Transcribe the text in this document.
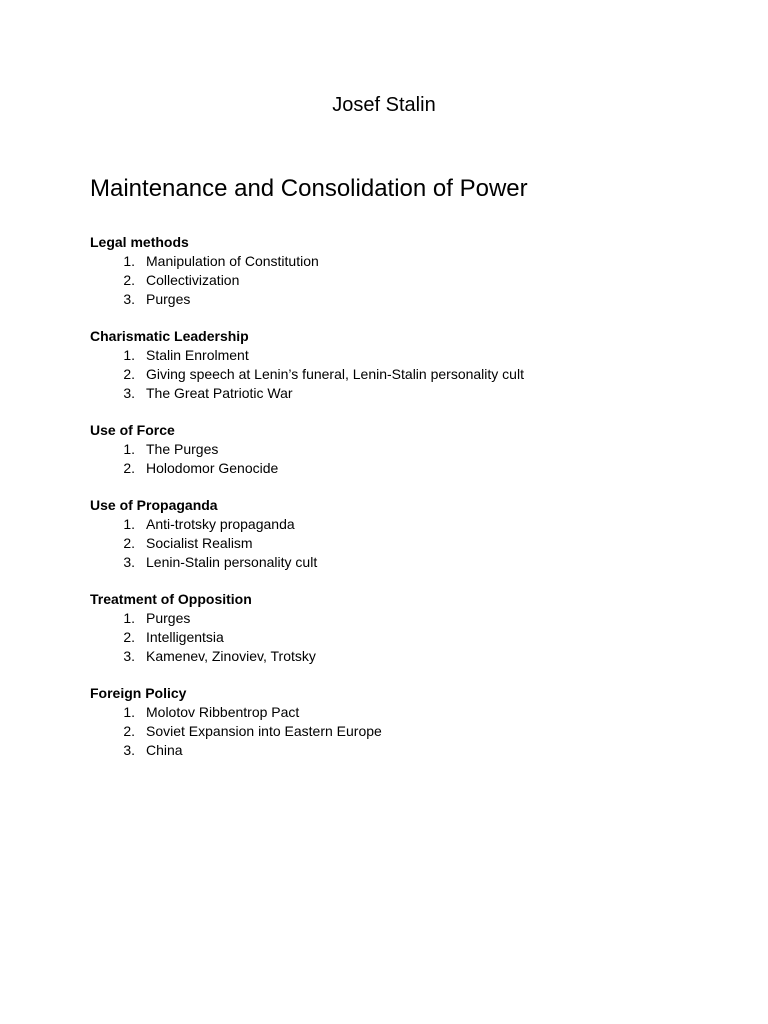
Josef Stalin
Maintenance and Consolidation of Power
Legal methods
1. Manipulation of Constitution
2. Collectivization
3. Purges
Charismatic Leadership
1. Stalin Enrolment
2. Giving speech at Lenin’s funeral, Lenin-Stalin personality cult
3. The Great Patriotic War
Use of Force
1. The Purges
2. Holodomor Genocide
Use of Propaganda
1. Anti-trotsky propaganda
2. Socialist Realism
3. Lenin-Stalin personality cult
Treatment of Opposition
1. Purges
2. Intelligentsia
3. Kamenev, Zinoviev, Trotsky
Foreign Policy
1. Molotov Ribbentrop Pact
2. Soviet Expansion into Eastern Europe
3. China
